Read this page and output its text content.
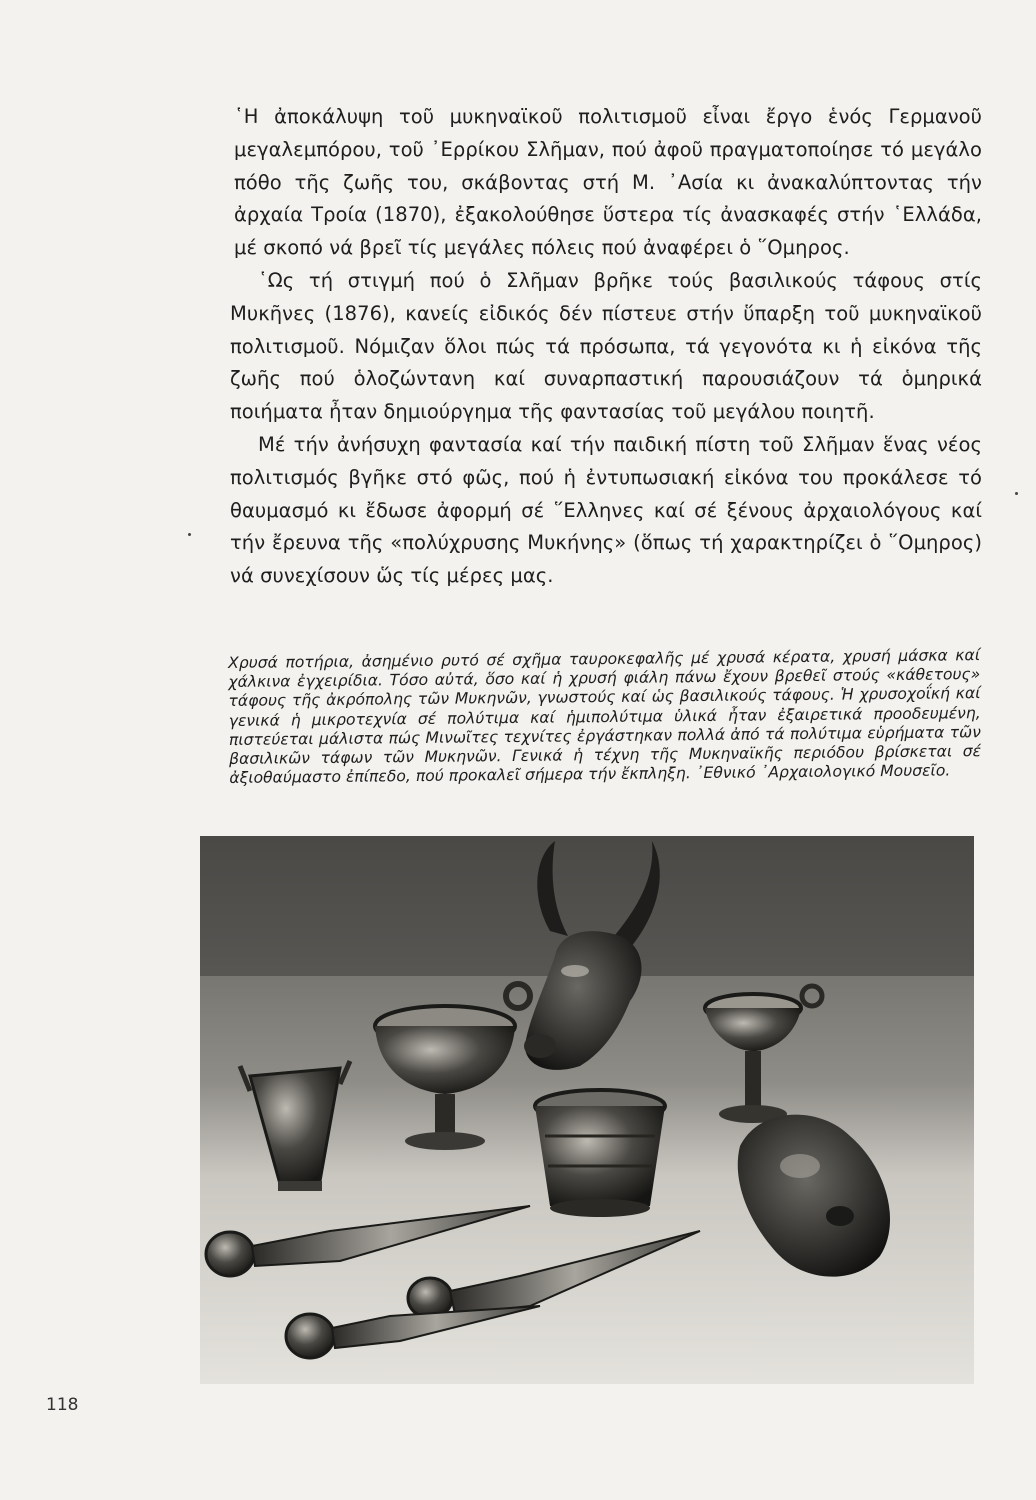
῾Η ἀποκάλυψη τοῦ μυκηναϊκοῦ πολιτισμοῦ εἶναι ἔργο ἑνός Γερμανοῦ μεγαλεμπόρου, τοῦ ᾿Ερρίκου Σλῆμαν, πού ἀφοῦ πραγματοποίησε τό μεγάλο πόθο τῆς ζωῆς του, σκάβοντας στή Μ. ᾿Ασία κι ἀνακαλύπτοντας τήν ἀρχαία Τροία (1870), ἐξακολούθησε ὕστερα τίς ἀνασκαφές στήν ῾Ελλάδα, μέ σκοπό νά βρεῖ τίς μεγάλες πόλεις πού ἀναφέρει ὁ ῞Ομηρος.

῾Ως τή στιγμή πού ὁ Σλῆμαν βρῆκε τούς βασιλικούς τάφους στίς Μυκῆνες (1876), κανείς εἰδικός δέν πίστευε στήν ὕπαρξη τοῦ μυκηναϊκοῦ πολιτισμοῦ. Νόμιζαν ὅλοι πώς τά πρόσωπα, τά γεγονότα κι ἡ εἰκόνα τῆς ζωῆς πού ὁλοζώντανη καί συναρπαστική παρουσιάζουν τά ὁμηρικά ποιήματα ἦταν δημιούργημα τῆς φαντασίας τοῦ μεγάλου ποιητῆ.

Μέ τήν ἀνήσυχη φαντασία καί τήν παιδική πίστη τοῦ Σλῆμαν ἕνας νέος πολιτισμός βγῆκε στό φῶς, πού ἡ ἐντυπωσιακή εἰκόνα του προκάλεσε τό θαυμασμό κι ἔδωσε ἀφορμή σέ ῞Ελληνες καί σέ ξένους ἀρχαιολόγους καί τήν ἔρευνα τῆς «πολύχρυσης Μυκήνης» (ὅπως τή χαρακτηρίζει ὁ ῞Ομηρος) νά συνεχίσουν ὥς τίς μέρες μας.

Χρυσά ποτήρια, ἀσημένιο ρυτό σέ σχῆμα ταυροκεφαλῆς μέ χρυσά κέρατα, χρυσή μάσκα καί χάλκινα ἐγχειρίδια. Τόσο αὐτά, ὅσο καί ἡ χρυσή φιάλη πάνω ἔχουν βρεθεῖ στούς «κάθετους» τάφους τῆς ἀκρόπολης τῶν Μυκηνῶν, γνωστούς καί ὡς βασιλικούς τάφους. Ἡ χρυσοχοΐκή καί γενικά ἡ μικροτεχνία σέ πολύτιμα καί ἡμιπολύτιμα ὑλικά ἦταν ἐξαιρετικά προοδευμένη, πιστεύεται μάλιστα πώς Μινωῖτες τεχνίτες ἐργάστηκαν πολλά ἀπό τά πολύτιμα εὑρήματα τῶν βασιλικῶν τάφων τῶν Μυκηνῶν. Γενικά ἡ τέχνη τῆς Μυκηναϊκῆς περιόδου βρίσκεται σέ ἀξιοθαύμαστο ἐπίπεδο, πού προκαλεῖ σήμερα τήν ἔκπληξη. ᾿Εθνικό ᾿Αρχαιολογικό Μουσεῖο.

118
